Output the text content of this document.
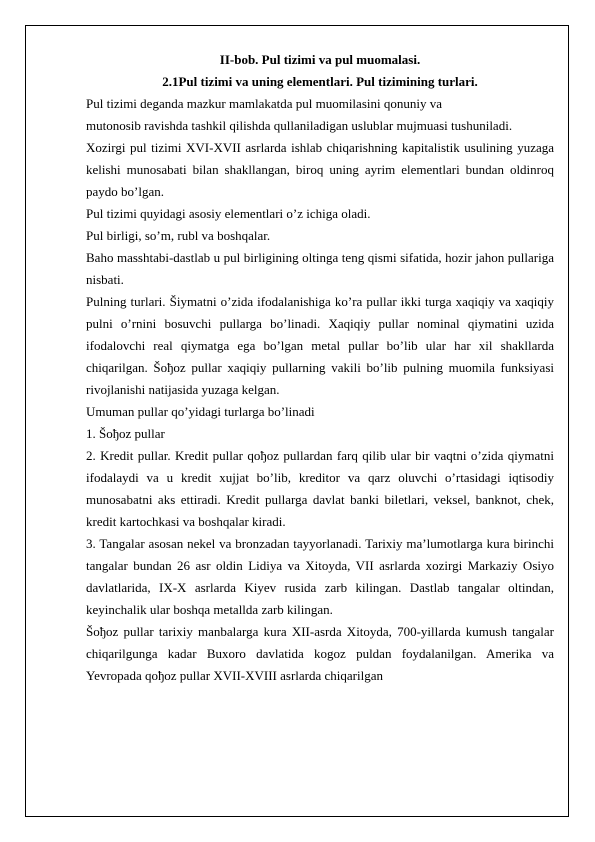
II-bob. Pul tizimi va pul muomalasi.

2.1Pul tizimi va uning elementlari. Pul tizimining turlari.

Pul tizimi deganda mazkur mamlakatda pul muomilasini qonuniy va

mutonosib ravishda tashkil qilishda qullaniladigan uslublar mujmuasi tushuniladi.

Xozirgi pul tizimi XVI-XVII asrlarda ishlab chiqarishning kapitalistik usulining yuzaga kelishi munosabati bilan shakllangan, biroq uning ayrim elementlari bundan oldinroq paydo bo’lgan.

Pul tizimi quyidagi asosiy elementlari o’z ichiga oladi.

Pul birligi, so’m, rubl va boshqalar.

Baho masshtabi-dastlab u pul birligining oltinga teng qismi sifatida, hozir jahon pullariga nisbati.

Pulning turlari. Šiymatni o’zida ifodalanishiga ko’ra pullar ikki turga xaqiqiy va xaqiqiy pulni o’rnini bosuvchi pullarga bo’linadi. Xaqiqiy pullar nominal qiymatini uzida ifodalovchi real qiymatga ega bo’lgan metal pullar bo’lib ular har xil shakllarda chiqarilgan. Šoђoz pullar xaqiqiy pullarning vakili bo’lib pulning muomila funksiyasi rivojlanishi natijasida yuzaga kelgan.

Umuman pullar qo’yidagi turlarga bo’linadi

1. Šoђoz pullar

2. Kredit pullar. Kredit pullar qoђoz pullardan farq qilib ular bir vaqtni o’zida qiymatni ifodalaydi va u kredit xujjat bo’lib, kreditor va qarz oluvchi o’rtasidagi iqtisodiy munosabatni aks ettiradi. Kredit pullarga davlat banki biletlari, veksel, banknot, chek, kredit kartochkasi va boshqalar kiradi.

3. Tangalar asosan nekel va bronzadan tayyorlanadi. Tarixiy ma’lumotlarga kura birinchi tangalar bundan 26 asr oldin Lidiya va Xitoyda, VII asrlarda xozirgi Markaziy Osiyo davlatlarida, IX-X asrlarda Kiyev rusida zarb kilingan. Dastlab tangalar oltindan, keyinchalik ular boshqa metallda zarb kilingan.

Šoђoz pullar tarixiy manbalarga kura XII-asrda Xitoyda, 700-yillarda kumush tangalar chiqarilgunga kadar Buxoro davlatida kogoz puldan foydalanilgan. Amerika va Yevropada qoђoz pullar XVII-XVIII asrlarda chiqarilgan
